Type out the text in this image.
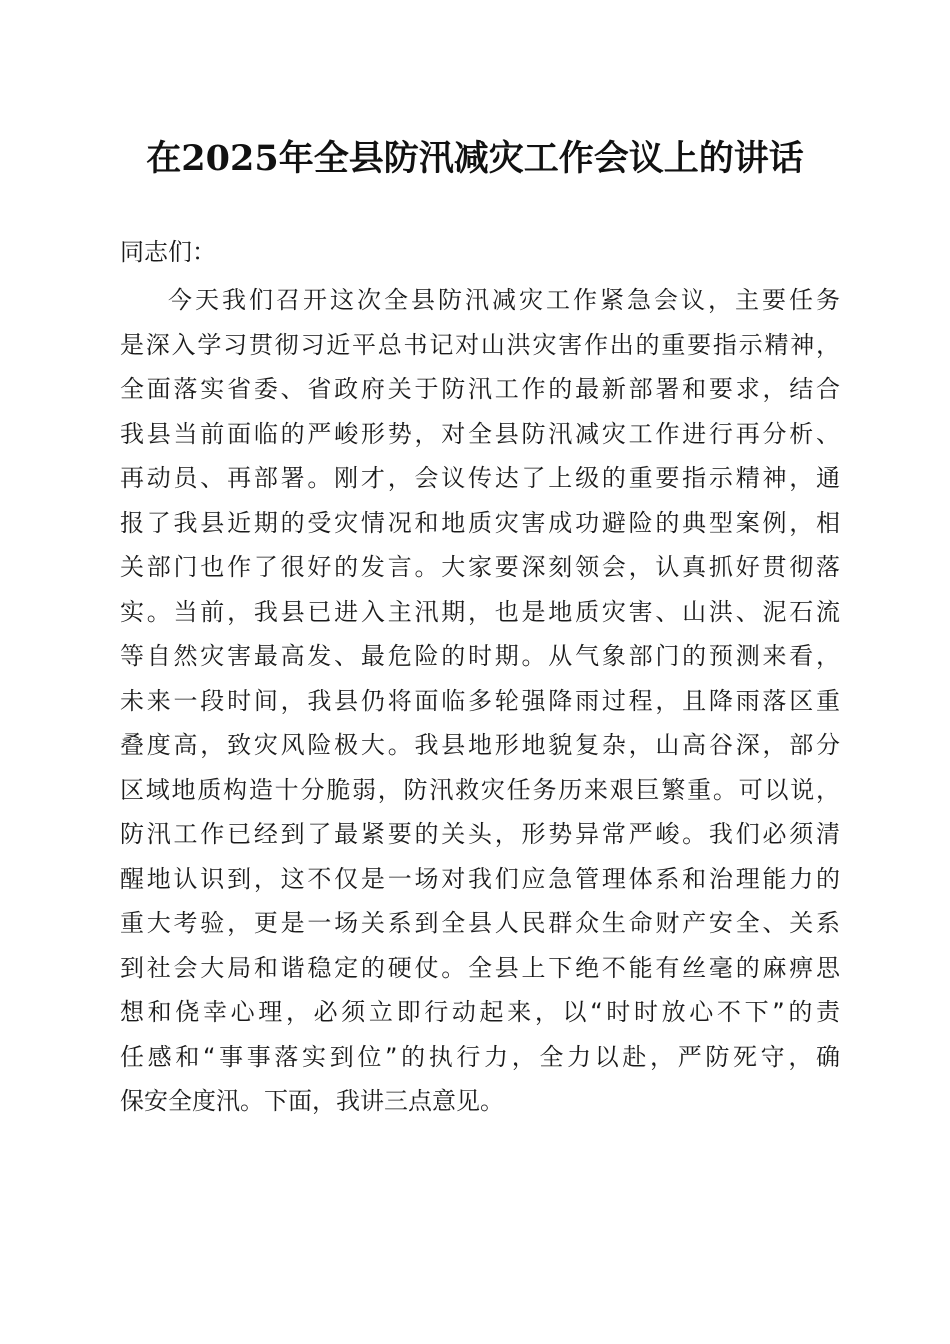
在2025年全县防汛减灾工作会议上的讲话

同志们：

今天我们召开这次全县防汛减灾工作紧急会议，主要任务
是深入学习贯彻习近平总书记对山洪灾害作出的重要指示精神，
全面落实省委、省政府关于防汛工作的最新部署和要求，结合
我县当前面临的严峻形势，对全县防汛减灾工作进行再分析、
再动员、再部署。刚才，会议传达了上级的重要指示精神，通
报了我县近期的受灾情况和地质灾害成功避险的典型案例，相
关部门也作了很好的发言。大家要深刻领会，认真抓好贯彻落
实。当前，我县已进入主汛期，也是地质灾害、山洪、泥石流
等自然灾害最高发、最危险的时期。从气象部门的预测来看，
未来一段时间，我县仍将面临多轮强降雨过程，且降雨落区重
叠度高，致灾风险极大。我县地形地貌复杂，山高谷深，部分
区域地质构造十分脆弱，防汛救灾任务历来艰巨繁重。可以说，
防汛工作已经到了最紧要的关头，形势异常严峻。我们必须清
醒地认识到，这不仅是一场对我们应急管理体系和治理能力的
重大考验，更是一场关系到全县人民群众生命财产安全、关系
到社会大局和谐稳定的硬仗。全县上下绝不能有丝毫的麻痹思
想和侥幸心理，必须立即行动起来，以“时时放心不下”的责
任感和“事事落实到位”的执行力，全力以赴，严防死守，确
保安全度汛。下面，我讲三点意见。
